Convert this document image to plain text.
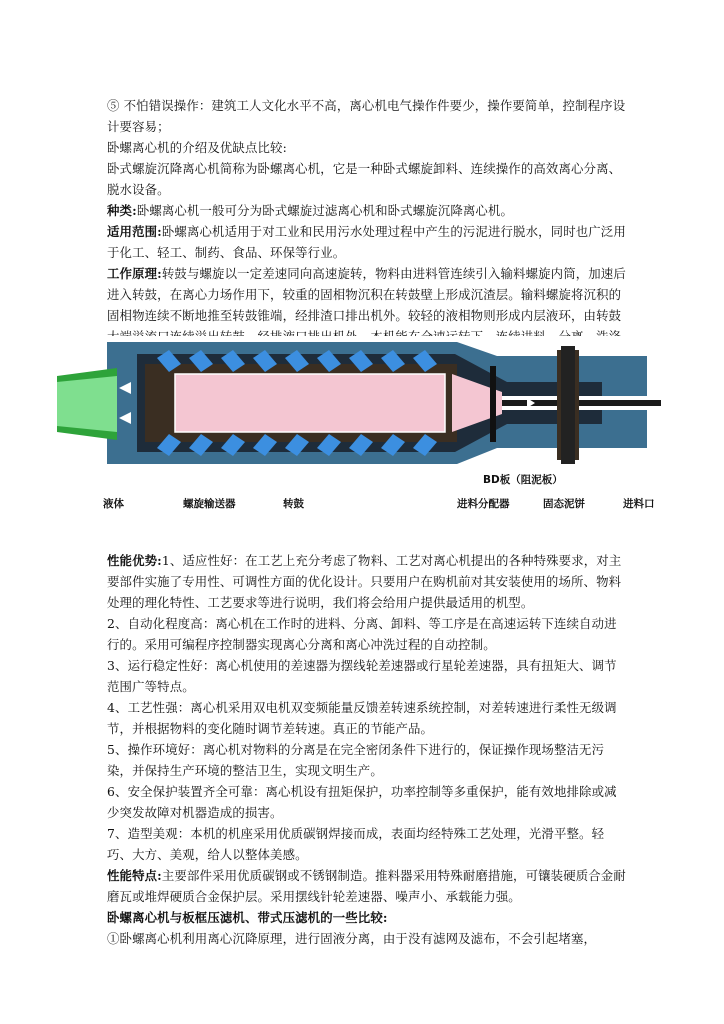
⑤ 不怕错误操作：建筑工人文化水平不高，离心机电气操作件要少，操作要简单，控制程序设计要容易；

卧螺离心机的介绍及优缺点比较:

卧式螺旋沉降离心机简称为卧螺离心机，它是一种卧式螺旋卸料、连续操作的高效离心分离、脱水设备。

种类:卧螺离心机一般可分为卧式螺旋过滤离心机和卧式螺旋沉降离心机。

适用范围:卧螺离心机适用于对工业和民用污水处理过程中产生的污泥进行脱水，同时也广泛用于化工、轻工、制药、食品、环保等行业。

工作原理:转鼓与螺旋以一定差速同向高速旋转，物料由进料管连续引入输料螺旋内筒，加速后进入转鼓，在离心力场作用下，较重的固相物沉积在转鼓壁上形成沉渣层。输料螺旋将沉积的固相物连续不断地推至转鼓锥端，经排渣口排出机外。较轻的液相物则形成内层液环，由转鼓

BD板（阻泥板）
液体	螺旋输送器	转鼓	进料分配器	固态泥饼	进料口

性能优势:1、适应性好：在工艺上充分考虑了物料、工艺对离心机提出的各种特殊要求，对主要部件实施了专用性、可调性方面的优化设计。只要用户在购机前对其安装使用的场所、物料处理的理化特性、工艺要求等进行说明，我们将会给用户提供最适用的机型。

2、自动化程度高：离心机在工作时的进料、分离、卸料、等工序是在高速运转下连续自动进行的。采用可编程序控制器实现离心分离和离心冲洗过程的自动控制。

3、运行稳定性好：离心机使用的差速器为摆线轮差速器或行星轮差速器，具有扭矩大、调节范围广等特点。

4、工艺性强：离心机采用双电机双变频能量反馈差转速系统控制，对差转速进行柔性无级调节，并根据物料的变化随时调节差转速。真正的节能产品。

5、操作环境好：离心机对物料的分离是在完全密闭条件下进行的，保证操作现场整洁无污染，并保持生产环境的整洁卫生，实现文明生产。

6、安全保护装置齐全可靠：离心机设有扭矩保护，功率控制等多重保护，能有效地排除或减少突发故障对机器造成的损害。

7、造型美观：本机的机座采用优质碳钢焊接而成，表面均经特殊工艺处理，光滑平整。轻巧、大方、美观，给人以整体美感。

性能特点:主要部件采用优质碳钢或不锈钢制造。推料器采用特殊耐磨措施，可镶装硬质合金耐磨瓦或堆焊硬质合金保护层。采用摆线针轮差速器、噪声小、承载能力强。

卧螺离心机与板框压滤机、带式压滤机的一些比较:

①卧螺离心机利用离心沉降原理，进行固液分离，由于没有滤网及滤布，不会引起堵塞，
